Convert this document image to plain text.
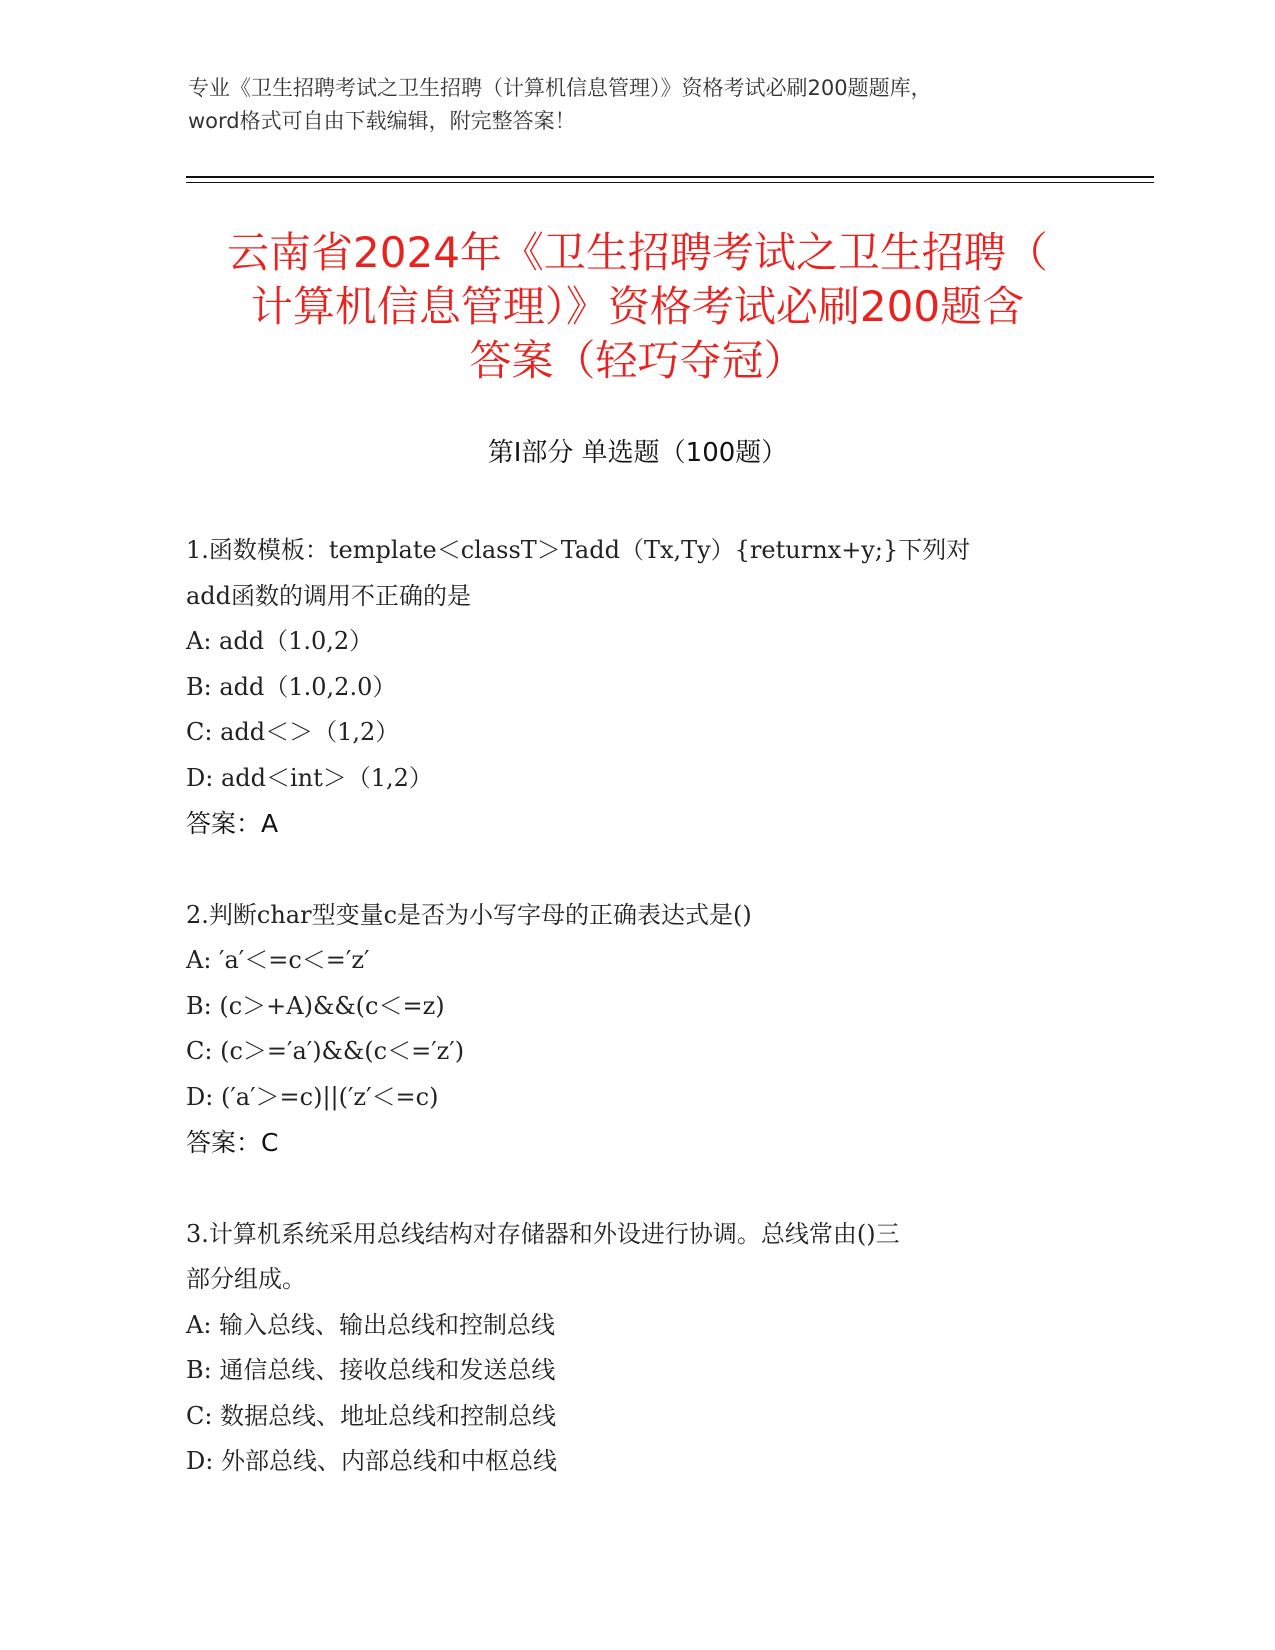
专业《卫生招聘考试之卫生招聘（计算机信息管理）》资格考试必刷200题题库，
word格式可自由下载编辑，附完整答案！
云南省2024年《卫生招聘考试之卫生招聘（
计算机信息管理）》资格考试必刷200题含
答案（轻巧夺冠）
第Ⅰ部分 单选题（100题）
1.函数模板：template＜classT＞Tadd（Tx,Ty）{returnx+y;}下列对
add函数的调用不正确的是
A: add（1.0,2）
B: add（1.0,2.0）
C: add＜＞（1,2）
D: add＜int＞（1,2）
答案：A
2.判断char型变量c是否为小写字母的正确表达式是()
A: ′a′＜=c＜=′z′
B: (c＞+A)&&(c＜=z)
C: (c＞=′a′)&&(c＜=′z′)
D: (′a′＞=c)||(′z′＜=c)
答案：C
3.计算机系统采用总线结构对存储器和外设进行协调。总线常由()三
部分组成。
A: 输入总线、输出总线和控制总线
B: 通信总线、接收总线和发送总线
C: 数据总线、地址总线和控制总线
D: 外部总线、内部总线和中枢总线
